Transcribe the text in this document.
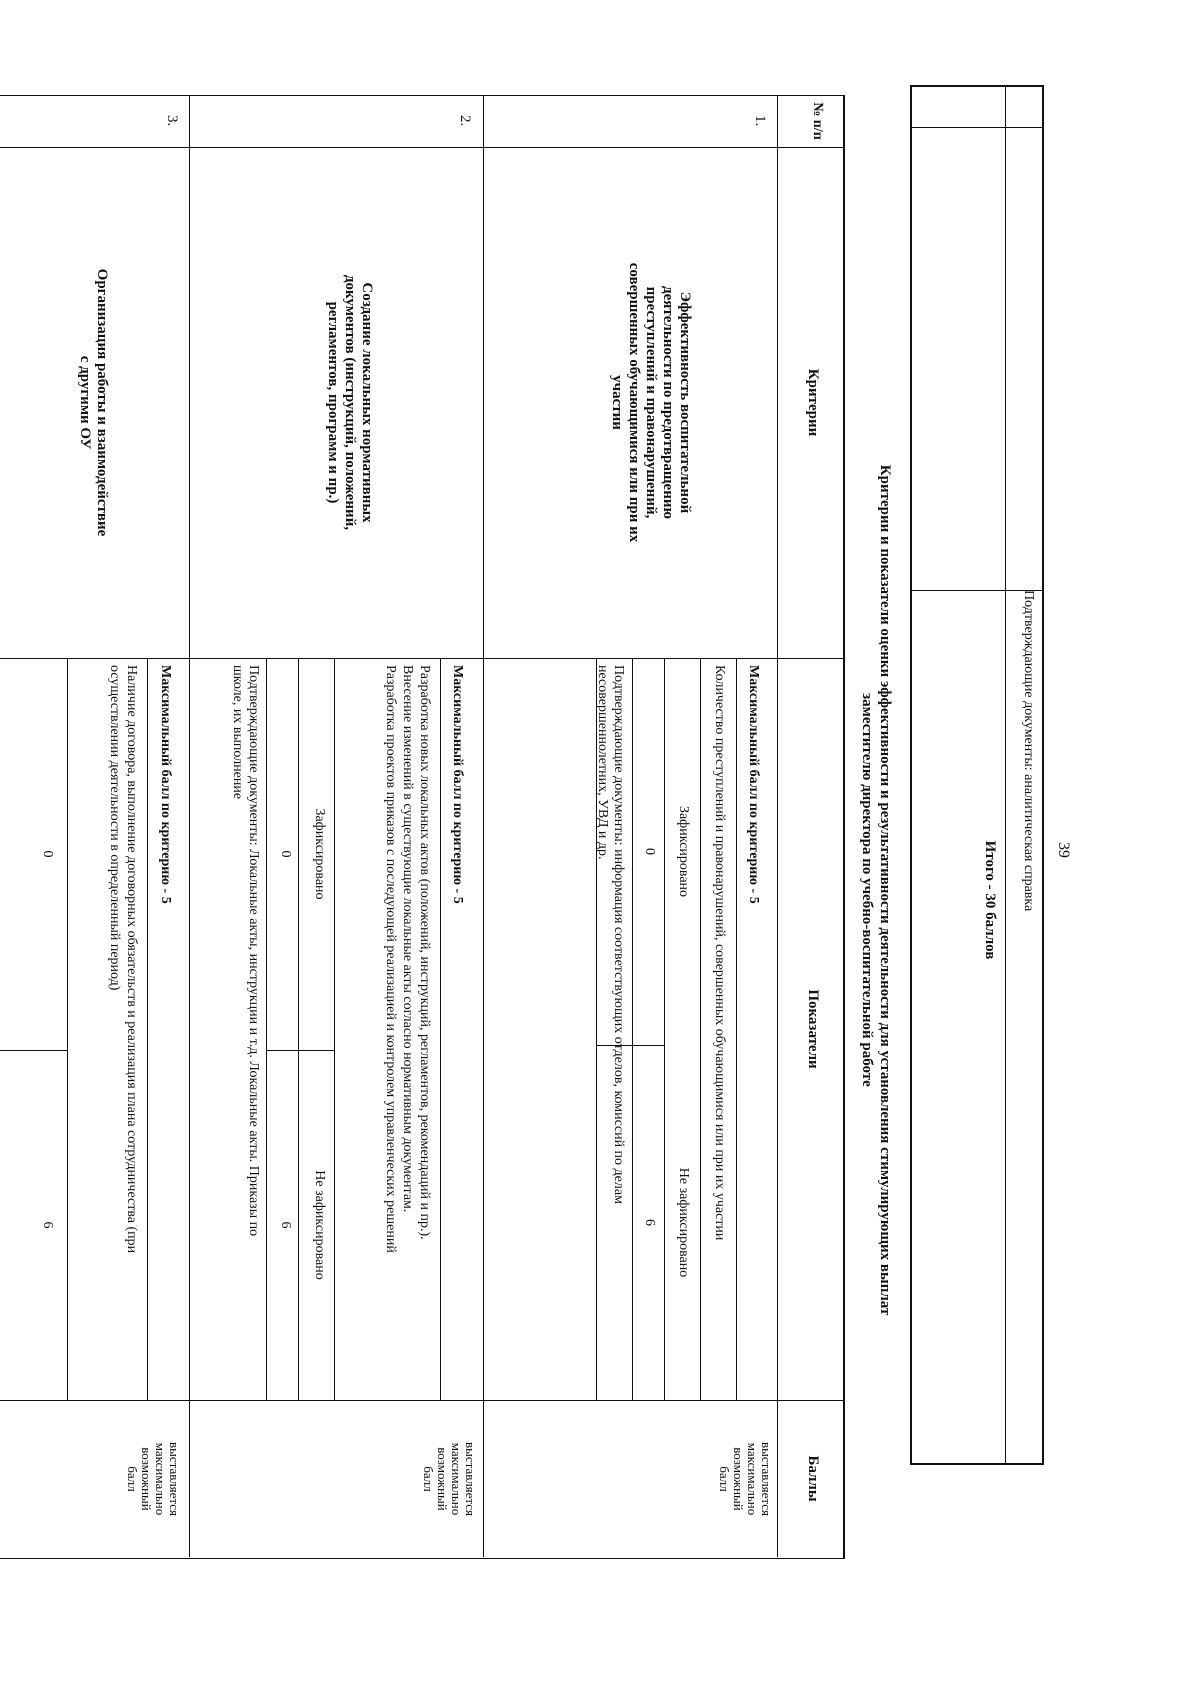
39
Подтверждающие документы: аналитическая справка
Итого - 30 баллов
Критерии и показатели оценки эффективности и результативности деятельности для установления стимулирующих выплат
заместителю директора по учебно-воспитательной работе
№ п/п
Критерии
Показатели
Баллы
1.
Эффективность воспитательной
деятельности по предотвращению
преступлений и правонарушений,
совершенных обучающимися или при их
участии
Максимальный балл по критерию - 5
Количество преступлений и правонарушений, совершенных обучающимися или при их участии
Зафиксировано
Не зафиксировано
0
6
Подтверждающие документы: информация соответствующих отделов, комиссий по делам
несовершеннолетних, УВД и др.
выставляется
максимально
возможный
балл
2.
Создание локальных нормативных
документов (инструкций, положений,
регламентов, программ и пр.)
Максимальный балл по критерию - 5
Разработка новых локальных актов (положений, инструкций, регламентов, рекомендаций и пр.).
Внесение изменений в существующие локальные акты согласно нормативным документам.
Разработка проектов приказов с последующей реализацией и контролем управленческих решений
Зафиксировано
Не зафиксировано
0
6
Подтверждающие документы: Локальные акты, инструкции и т.д. Локальные акты. Приказы по
школе, их выполнение
выставляется
максимально
возможный
балл
3.
Организация работы и взаимодействие
с другими ОУ
Максимальный балл по критерию - 5
Наличие договора, выполнение договорных обязательств и реализация плана сотрудничества (при
осуществлении деятельности в определенный период)
0
6
выставляется
максимально
возможный
балл
